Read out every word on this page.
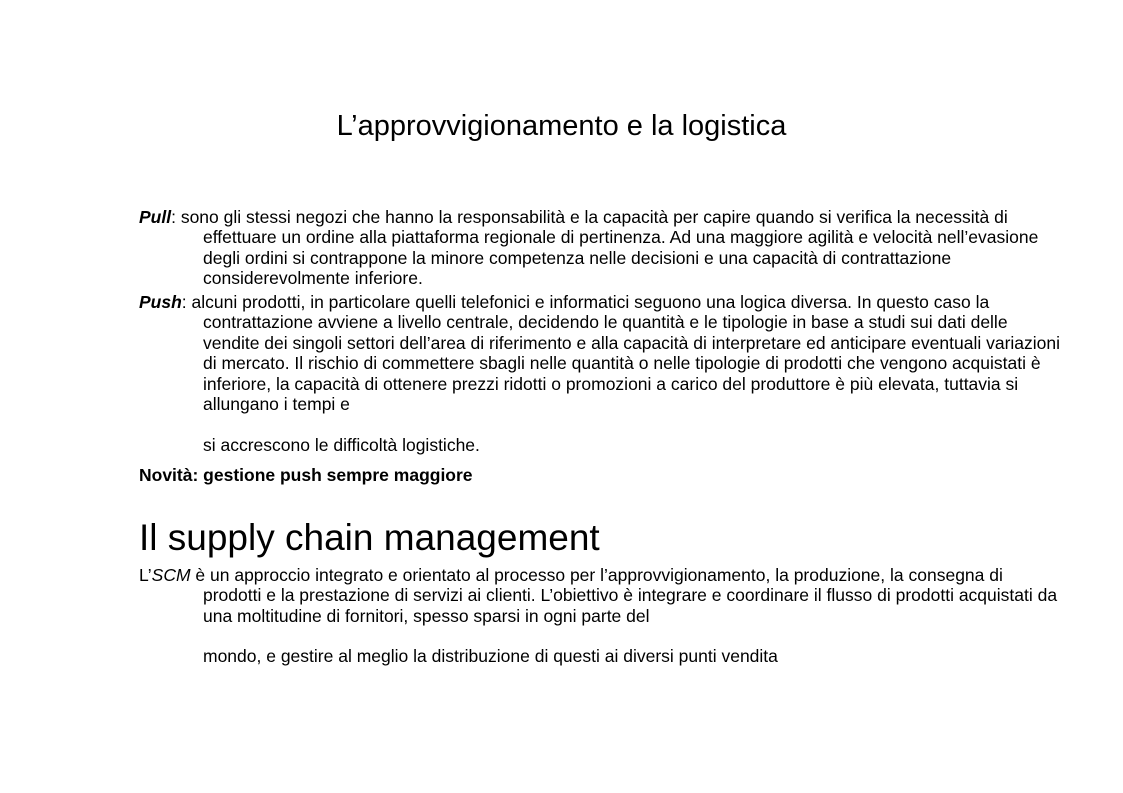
L’approvvigionamento e la logistica

Pull: sono gli stessi negozi che hanno la responsabilità e la capacità per capire quando si verifica la necessità di effettuare un ordine alla piattaforma regionale di pertinenza. Ad una maggiore agilità e velocità nell’evasione degli ordini si contrappone la minore competenza nelle decisioni e una capacità di contrattazione considerevolmente inferiore.

Push: alcuni prodotti, in particolare quelli telefonici e informatici seguono una logica diversa. In questo caso la contrattazione avviene a livello centrale, decidendo le quantità e le tipologie in base a studi sui dati delle vendite dei singoli settori dell’area di riferimento e alla capacità di interpretare ed anticipare eventuali variazioni di mercato. Il rischio di commettere sbagli nelle quantità o nelle tipologie di prodotti che vengono acquistati è inferiore, la capacità di ottenere prezzi ridotti o promozioni a carico del produttore è più elevata, tuttavia si allungano i tempi e

si accrescono le difficoltà logistiche.

Novità: gestione push sempre maggiore

Il supply chain management

L’SCM è un approccio integrato e orientato al processo per l’approvvigionamento, la produzione, la consegna di prodotti e la prestazione di servizi ai clienti. L’obiettivo è integrare e coordinare il flusso di prodotti acquistati da una moltitudine di fornitori, spesso sparsi in ogni parte del

mondo, e gestire al meglio la distribuzione di questi ai diversi punti vendita
